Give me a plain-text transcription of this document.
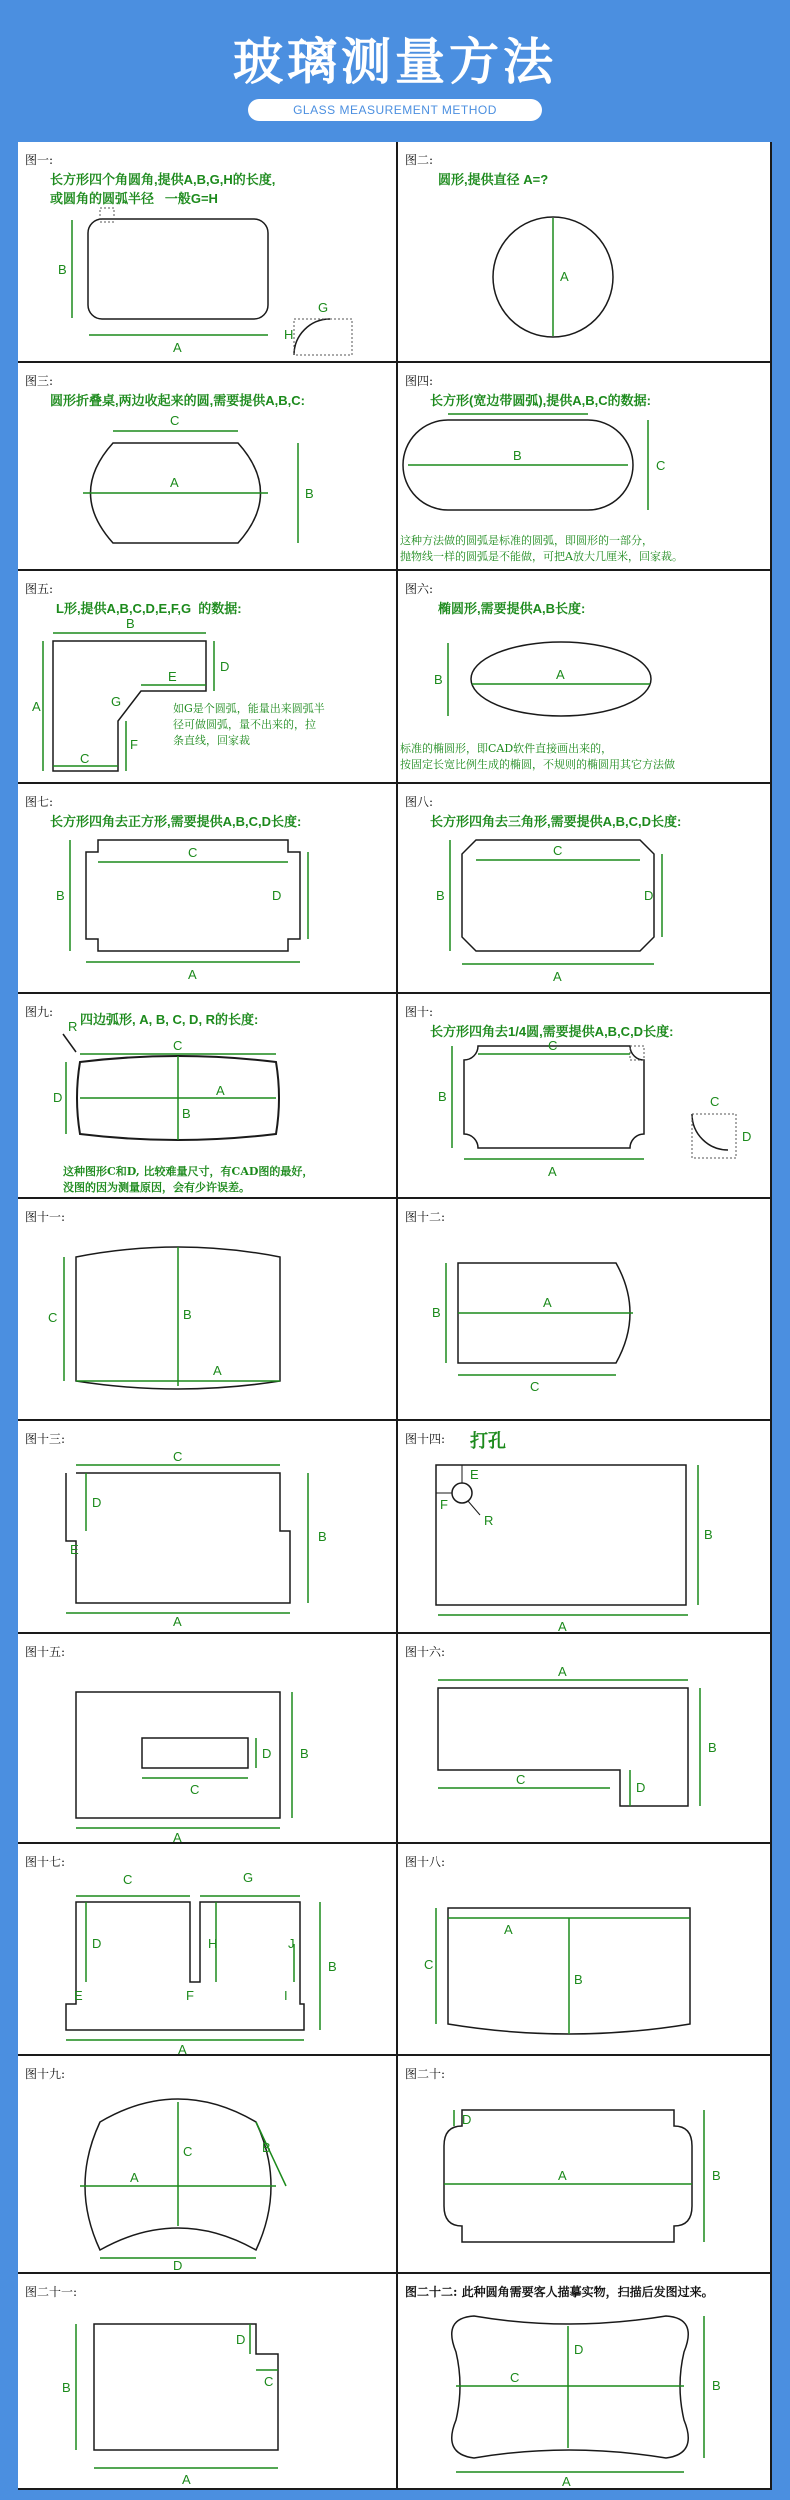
玻璃测量方法
GLASS MEASUREMENT METHOD
图一:
长方形四个角圆角,提供A,B,G,H的长度,
或圆角的圆弧半径   一般G=H
B
A
G
H
图二:
圆形,提供直径 A=?
A
图三:
圆形折叠桌,两边收起来的圆,需要提供A,B,C:
C
A
B
图四:
长方形(宽边带圆弧),提供A,B,C的数据:
这种方法做的圆弧是标准的圆弧，即圆形的一部分，
抛物线一样的圆弧是不能做，可把A放大几厘米，回家裁。
B
C
图五:
L形,提供A,B,C,D,E,F,G  的数据:
如G是个圆弧，能量出来圆弧半
径可做圆弧，量不出来的，拉
条直线，回家裁
B
A
C
D
E
F
G
图六:
椭圆形,需要提供A,B长度:
标准的椭圆形，即CAD软件直接画出来的，
按固定长宽比例生成的椭圆，不规则的椭圆用其它方法做
A
B
图七:
长方形四角去正方形,需要提供A,B,C,D长度:
C
B
A
D
图八:
长方形四角去三角形,需要提供A,B,C,D长度:
C
B
A
D
图九: 四边弧形, A, B, C, D, R的长度:
这种图形C和D, 比较难量尺寸，有CAD图的最好，
没图的因为测量原因，会有少许误差。
C
D	A
B
R
图十:
长方形四角去1/4圆,需要提供A,B,C,D长度:
C
B
A
C
D
图十一:
B
A
C
图十二:
A
B
C
图十三:
C
A
B
D
E
图十四: 打孔
E
F
R
A
B
图十五:
C
D
A
B
图十六:
A
C
D
B
图十七:
C	G
D	H	J
E	F	I
A
B
图十八:
A
B
C
图十九:
A
C	B
D
图二十:
A
D
B
图二十一:
B
A
D
C
图二十二: 此种圆角需要客人描摹实物，扫描后发图过来。
C
D
A
B
